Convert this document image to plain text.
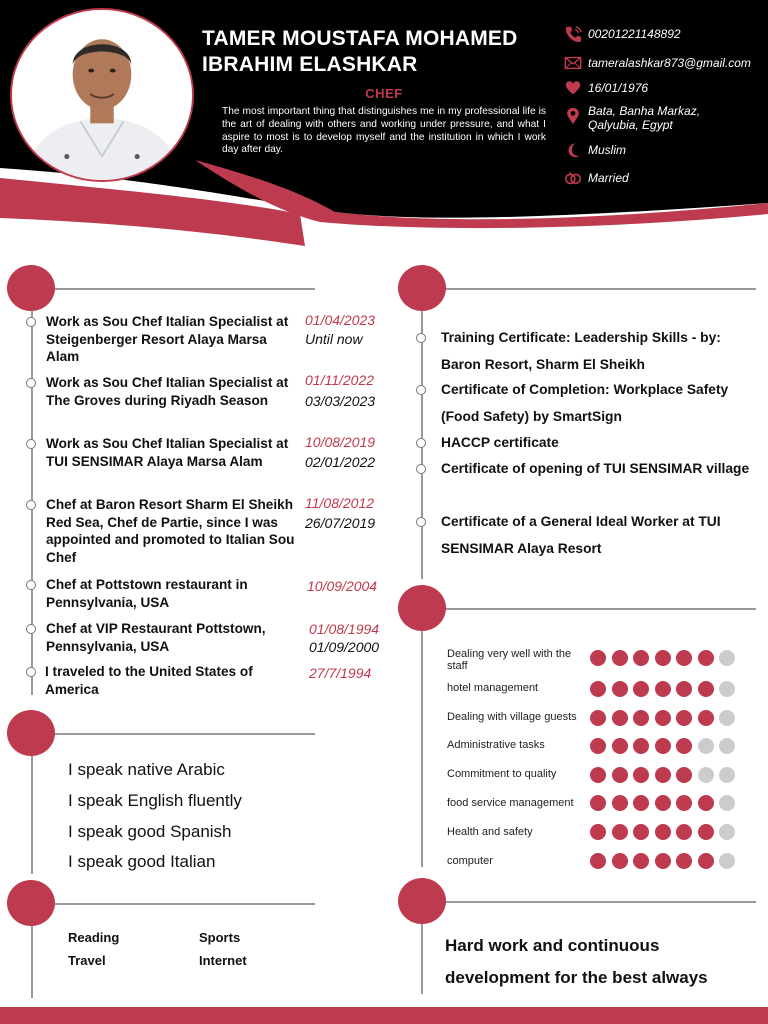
TAMER MOUSTAFA MOHAMED IBRAHIM ELASHKAR
CHEF
The most important thing that distinguishes me in my professional life is the art of dealing with others and working under pressure, and what I aspire to most is to develop myself and the institution in which I work day after day.
00201221148892
tameralashkar873@gmail.com
16/01/1976
Bata, Banha Markaz, Qalyubia, Egypt
Muslim
Married
Work as Sou Chef Italian Specialist at Steigenberger Resort Alaya Marsa Alam
01/04/2023
Until now
Work as Sou Chef Italian Specialist at The Groves during Riyadh Season
01/11/2022
03/03/2023
Work as Sou Chef Italian Specialist at TUI SENSIMAR Alaya Marsa Alam
10/08/2019
02/01/2022
Chef at Baron Resort Sharm El Sheikh Red Sea, Chef de Partie, since I was appointed and promoted to Italian Sou Chef
11/08/2012
26/07/2019
Chef at Pottstown restaurant in Pennsylvania, USA
10/09/2004
Chef at VIP Restaurant Pottstown, Pennsylvania, USA
01/08/1994
01/09/2000
I traveled to the United States of America
27/7/1994
I speak native Arabic
I speak English fluently
I speak good Spanish
I speak good Italian
Reading	Sports
Travel	Internet
Training Certificate: Leadership Skills - by: Baron Resort, Sharm El Sheikh
Certificate of Completion: Workplace Safety (Food Safety) by SmartSign
HACCP certificate
Certificate of opening of TUI SENSIMAR village
Certificate of a General Ideal Worker at TUI SENSIMAR Alaya Resort
Dealing very well with the staff
hotel management
Dealing with village guests
Administrative tasks
Commitment to quality
food service management
Health and safety
computer
Hard work and continuous development for the best always
